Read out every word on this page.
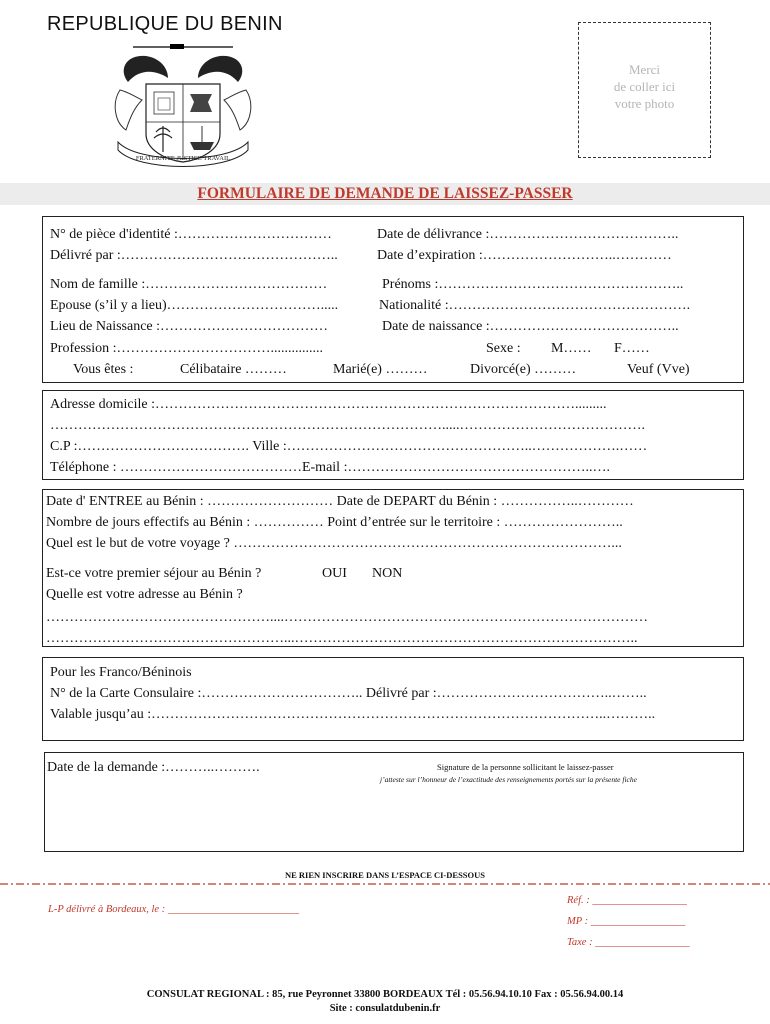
REPUBLIQUE DU BENIN
FRATERNITE JUSTICE TRAVAIL
Merci
de coller ici
votre photo
FORMULAIRE DE DEMANDE DE LAISSEZ-PASSER
N° de pièce d'identité :……………………………	Date de délivrance :…………………………………..
Délivré par :………………………………………..	Date d’expiration :………………………..…………
Nom de famille :…………………………………	Prénoms :……………………………………………..
Epouse (s’il y a lieu)…………………………….....	Nationalité :…………………………………………….
Lieu de Naissance :………………………………	Date de naissance :…………………………………..
Profession :……………………………...............	Sexe : M…… F……
Vous êtes :	Célibataire ………	Marié(e) ………	Divorcé(e) ………	Veuf (Vve)
Adresse domicile :……………………………………………………………………………….........
………………………………………………………………………….....………………………………….
C.P :………………………………. Ville :……………………………………………..……………….……
Téléphone : …………………………………E-mail :……………………………………………..….
Date d' ENTREE au Bénin : ……………………… Date de DEPART du Bénin : ……………..…………
Nombre de jours effectifs au Bénin : …………… Point d’entrée sur le territoire : ……………………..
Quel est le but de votre voyage ? ………………………………………………………………………...
Est-ce votre premier séjour au Bénin ?	OUI NON
Quelle est votre adresse au Bénin ?
…………………………………………....……………………………………………………………………
……………………………………………...………………………………………………………………..
Pour les Franco/Béninois
N° de la Carte Consulaire :…………………………….. Délivré par :………………………………..……..
Valable jusqu’au :……………………………………………………………………………………..………..
Date de la demande :………..……….	Signature de la personne sollicitant le laissez-passer
j’atteste sur l’honneur de l’exactitude des renseignements portés sur la présente fiche
NE RIEN INSCRIRE DANS L’ESPACE CI-DESSOUS
L-P délivré à Bordeaux, le : _________________________
Réf. : __________________
MP : __________________
Taxe : __________________
CONSULAT REGIONAL : 85, rue Peyronnet 33800 BORDEAUX Tél : 05.56.94.10.10 Fax : 05.56.94.00.14
Site : consulatdubenin.fr
